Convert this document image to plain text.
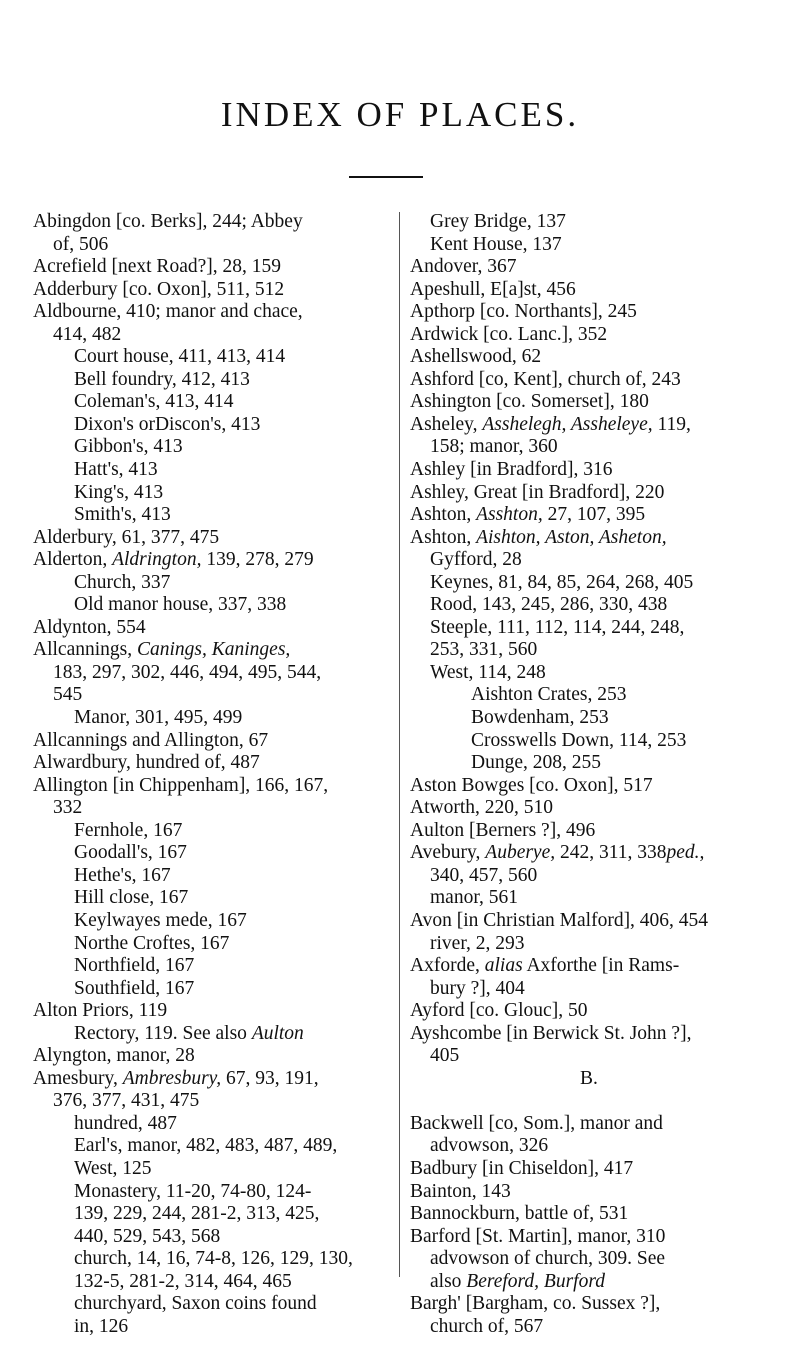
INDEX OF PLACES.
Abingdon [co. Berks], 244; Abbey
of, 506
Acrefield [next Road?], 28, 159
Adderbury [co. Oxon], 511, 512
Aldbourne, 410; manor and chace,
414, 482
Court house, 411, 413, 414
Bell foundry, 412, 413
Coleman's, 413, 414
Dixon's orDiscon's, 413
Gibbon's, 413
Hatt's, 413
King's, 413
Smith's, 413
Alderbury, 61, 377, 475
Alderton, Aldrington, 139, 278, 279
Church, 337
Old manor house, 337, 338
Aldynton, 554
Allcannings, Canings, Kaninges,
183, 297, 302, 446, 494, 495, 544,
545
Manor, 301, 495, 499
Allcannings and Allington, 67
Alwardbury, hundred of, 487
Allington [in Chippenham], 166, 167,
332
Fernhole, 167
Goodall's, 167
Hethe's, 167
Hill close, 167
Keylwayes mede, 167
Northe Croftes, 167
Northfield, 167
Southfield, 167
Alton Priors, 119
Rectory, 119. See also Aulton
Alyngton, manor, 28
Amesbury, Ambresbury, 67, 93, 191,
376, 377, 431, 475
hundred, 487
Earl's, manor, 482, 483, 487, 489,
West, 125
Monastery, 11-20, 74-80, 124-
139, 229, 244, 281-2, 313, 425,
440, 529, 543, 568
church, 14, 16, 74-8, 126, 129, 130,
132-5, 281-2, 314, 464, 465
churchyard, Saxon coins found
in, 126
Grey Bridge, 137
Kent House, 137
Andover, 367
Apeshull, E[a]st, 456
Apthorp [co. Northants], 245
Ardwick [co. Lanc.], 352
Ashellswood, 62
Ashford [co, Kent], church of, 243
Ashington [co. Somerset], 180
Asheley, Asshelegh, Assheleye, 119,
158; manor, 360
Ashley [in Bradford], 316
Ashley, Great [in Bradford], 220
Ashton, Asshton, 27, 107, 395
Ashton, Aishton, Aston, Asheton,
Gyfford, 28
Keynes, 81, 84, 85, 264, 268, 405
Rood, 143, 245, 286, 330, 438
Steeple, 111, 112, 114, 244, 248,
253, 331, 560
West, 114, 248
Aishton Crates, 253
Bowdenham, 253
Crosswells Down, 114, 253
Dunge, 208, 255
Aston Bowges [co. Oxon], 517
Atworth, 220, 510
Aulton [Berners ?], 496
Avebury, Auberye, 242, 311, 338ped.,
340, 457, 560
manor, 561
Avon [in Christian Malford], 406, 454
river, 2, 293
Axforde, alias Axforthe [in Rams-
bury ?], 404
Ayford [co. Glouc], 50
Ayshcombe [in Berwick St. John ?],
405
B.
Backwell [co, Som.], manor and
advowson, 326
Badbury [in Chiseldon], 417
Bainton, 143
Bannockburn, battle of, 531
Barford [St. Martin], manor, 310
advowson of church, 309. See
also Bereford, Burford
Bargh' [Bargham, co. Sussex ?],
church of, 567
